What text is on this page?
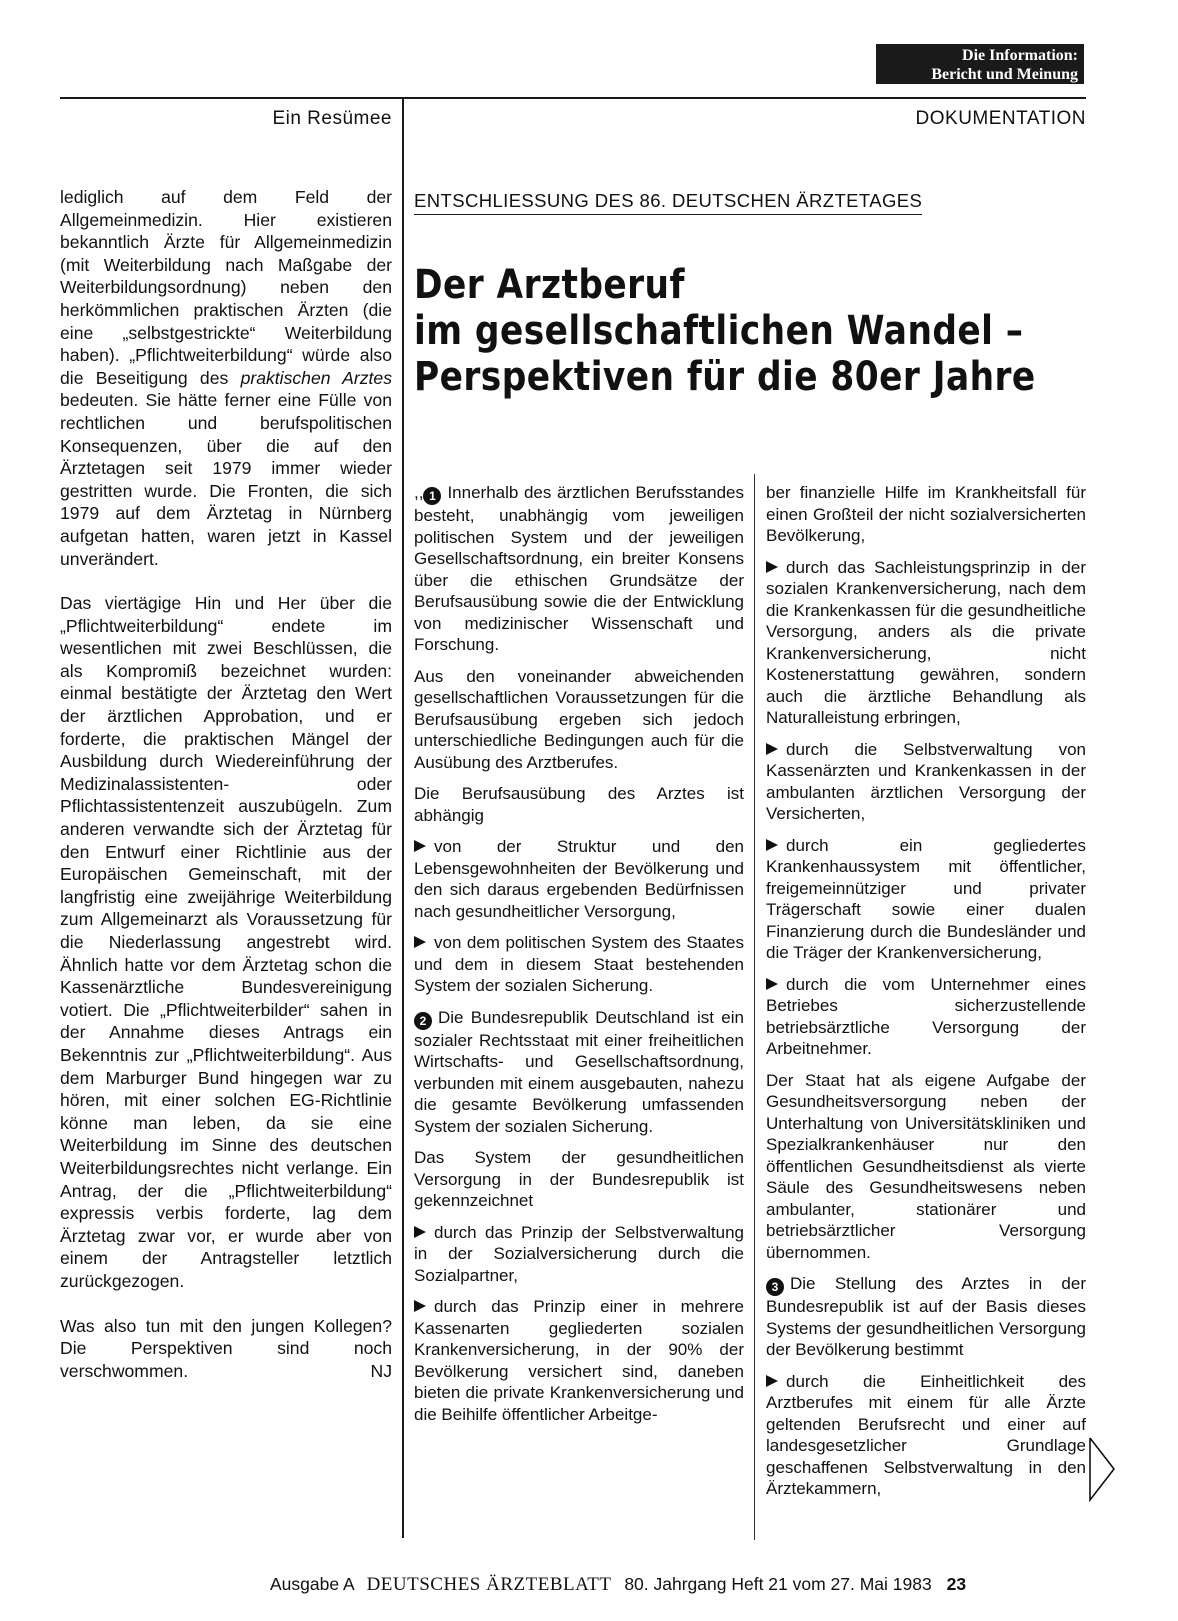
Die Information:
Bericht und Meinung
Ein Resümee	DOKUMENTATION

lediglich auf dem Feld der Allgemeinmedizin. Hier existieren bekanntlich Ärzte für Allgemeinmedizin (mit Weiterbildung nach Maßgabe der Weiterbildungsordnung) neben den herkömmlichen praktischen Ärzten (die eine „selbstgestrickte“ Weiterbildung haben). „Pflichtweiterbildung“ würde also die Beseitigung des praktischen Arztes bedeuten. Sie hätte ferner eine Fülle von rechtlichen und berufspolitischen Konsequenzen, über die auf den Ärztetagen seit 1979 immer wieder gestritten wurde. Die Fronten, die sich 1979 auf dem Ärztetag in Nürnberg aufgetan hatten, waren jetzt in Kassel unverändert.

Das viertägige Hin und Her über die „Pflichtweiterbildung“ endete im wesentlichen mit zwei Beschlüssen, die als Kompromiß bezeichnet wurden: einmal bestätigte der Ärztetag den Wert der ärztlichen Approbation, und er forderte, die praktischen Mängel der Ausbildung durch Wiedereinführung der Medizinalassistenten- oder Pflichtassistentenzeit auszubügeln. Zum anderen verwandte sich der Ärztetag für den Entwurf einer Richtlinie aus der Europäischen Gemeinschaft, mit der langfristig eine zweijährige Weiterbildung zum Allgemeinarzt als Voraussetzung für die Niederlassung angestrebt wird. Ähnlich hatte vor dem Ärztetag schon die Kassenärztliche Bundesvereinigung votiert. Die „Pflichtweiterbilder“ sahen in der Annahme dieses Antrags ein Bekenntnis zur „Pflichtweiterbildung“. Aus dem Marburger Bund hingegen war zu hören, mit einer solchen EG-Richtlinie könne man leben, da sie eine Weiterbildung im Sinne des deutschen Weiterbildungsrechtes nicht verlange. Ein Antrag, der die „Pflichtweiterbildung“ expressis verbis forderte, lag dem Ärztetag zwar vor, er wurde aber von einem der Antragsteller letztlich zurückgezogen.

Was also tun mit den jungen Kollegen? Die Perspektiven sind noch verschwommen.	NJ

ENTSCHLIESSUNG DES 86. DEUTSCHEN ÄRZTETAGES
Der Arztberuf
im gesellschaftlichen Wandel –
Perspektiven für die 80er Jahre

,, 1 Innerhalb des ärztlichen Berufsstandes besteht, unabhängig vom jeweiligen politischen System und der jeweiligen Gesellschaftsordnung, ein breiter Konsens über die ethischen Grundsätze der Berufsausübung sowie die der Entwicklung von medizinischer Wissenschaft und Forschung.

Aus den voneinander abweichenden gesellschaftlichen Voraussetzungen für die Berufsausübung ergeben sich jedoch unterschiedliche Bedingungen auch für die Ausübung des Arztberufes.

Die Berufsausübung des Arztes ist abhängig

von der Struktur und den Lebensgewohnheiten der Bevölkerung und den sich daraus ergebenden Bedürfnissen nach gesundheitlicher Versorgung,

von dem politischen System des Staates und dem in diesem Staat bestehenden System der sozialen Sicherung.

2 Die Bundesrepublik Deutschland ist ein sozialer Rechtsstaat mit einer freiheitlichen Wirtschafts- und Gesellschaftsordnung, verbunden mit einem ausgebauten, nahezu die gesamte Bevölkerung umfassenden System der sozialen Sicherung.

Das System der gesundheitlichen Versorgung in der Bundesrepublik ist gekennzeichnet

durch das Prinzip der Selbstverwaltung in der Sozialversicherung durch die Sozialpartner,

durch das Prinzip einer in mehrere Kassenarten gegliederten sozialen Krankenversicherung, in der 90% der Bevölkerung versichert sind, daneben bieten die private Krankenversicherung und die Beihilfe öffentlicher Arbeitge-

ber finanzielle Hilfe im Krankheitsfall für einen Großteil der nicht sozialversicherten Bevölkerung,

durch das Sachleistungsprinzip in der sozialen Krankenversicherung, nach dem die Krankenkassen für die gesundheitliche Versorgung, anders als die private Krankenversicherung, nicht Kostenerstattung gewähren, sondern auch die ärztliche Behandlung als Naturalleistung erbringen,

durch die Selbstverwaltung von Kassenärzten und Krankenkassen in der ambulanten ärztlichen Versorgung der Versicherten,

durch ein gegliedertes Krankenhaussystem mit öffentlicher, freigemeinnütziger und privater Trägerschaft sowie einer dualen Finanzierung durch die Bundesländer und die Träger der Krankenversicherung,

durch die vom Unternehmer eines Betriebes sicherzustellende betriebsärztliche Versorgung der Arbeitnehmer.

Der Staat hat als eigene Aufgabe der Gesundheitsversorgung neben der Unterhaltung von Universitätskliniken und Spezialkrankenhäuser nur den öffentlichen Gesundheitsdienst als vierte Säule des Gesundheitswesens neben ambulanter, stationärer und betriebsärztlicher Versorgung übernommen.

3 Die Stellung des Arztes in der Bundesrepublik ist auf der Basis dieses Systems der gesundheitlichen Versorgung der Bevölkerung bestimmt

durch die Einheitlichkeit des Arztberufes mit einem für alle Ärzte geltenden Berufsrecht und einer auf landesgesetzlicher Grundlage geschaffenen Selbstverwaltung in den Ärztekammern,

Ausgabe A DEUTSCHES ÄRZTEBLATT 80. Jahrgang Heft 21 vom 27. Mai 1983 23
